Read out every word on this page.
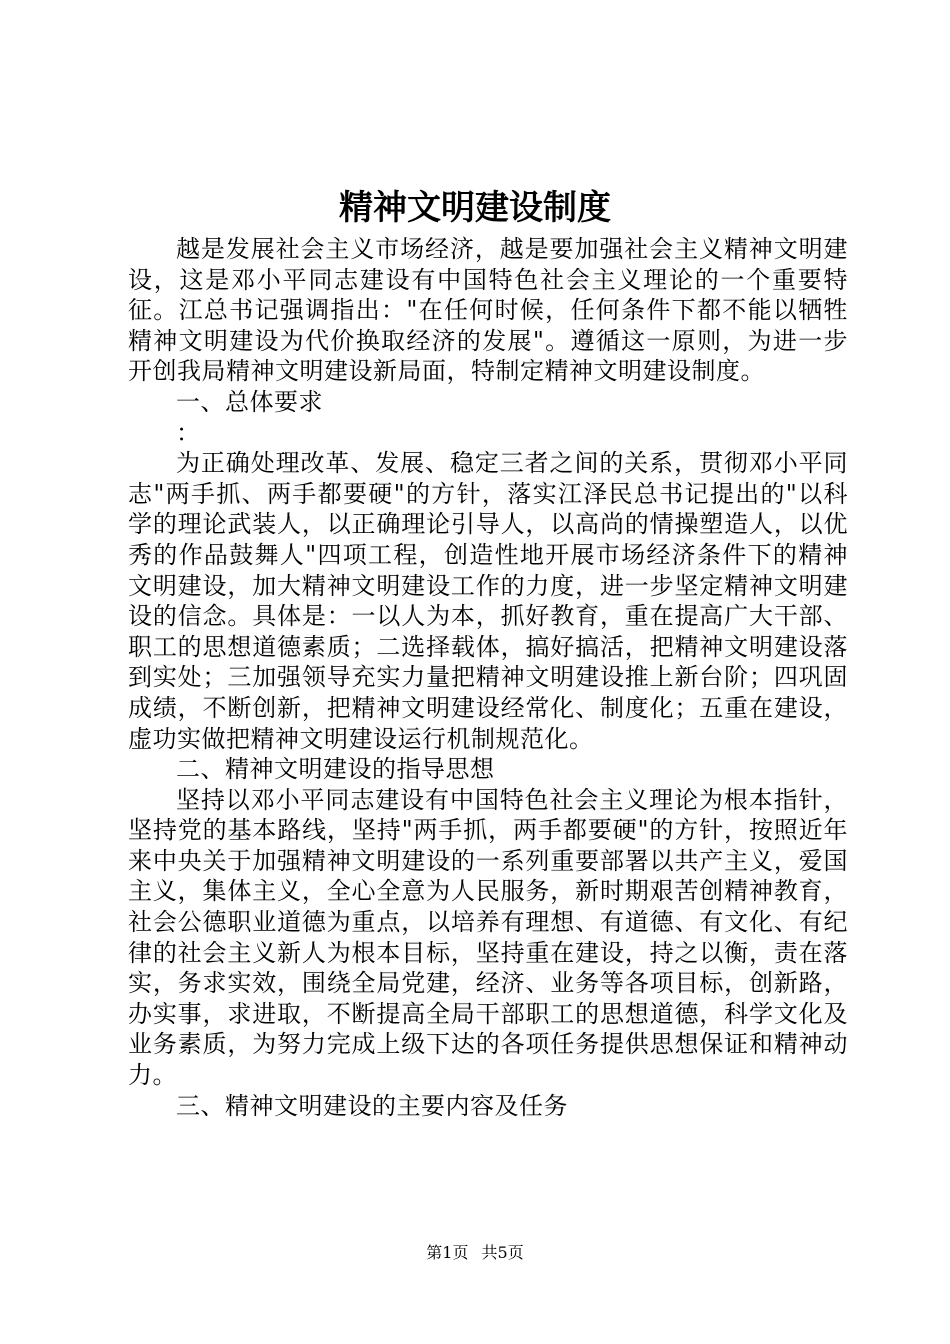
精神文明建设制度

越是发展社会主义市场经济，越是要加强社会主义精神文明建设，这是邓小平同志建设有中国特色社会主义理论的一个重要特征。江总书记强调指出："在任何时候，任何条件下都不能以牺牲精神文明建设为代价换取经济的发展"。遵循这一原则，为进一步开创我局精神文明建设新局面，特制定精神文明建设制度。

一、总体要求

：

为正确处理改革、发展、稳定三者之间的关系，贯彻邓小平同志"两手抓、两手都要硬"的方针，落实江泽民总书记提出的"以科学的理论武装人，以正确理论引导人，以高尚的情操塑造人，以优秀的作品鼓舞人"四项工程，创造性地开展市场经济条件下的精神文明建设，加大精神文明建设工作的力度，进一步坚定精神文明建设的信念。具体是：一以人为本，抓好教育，重在提高广大干部、职工的思想道德素质；二选择载体，搞好搞活，把精神文明建设落到实处；三加强领导充实力量把精神文明建设推上新台阶；四巩固成绩，不断创新，把精神文明建设经常化、制度化；五重在建设，虚功实做把精神文明建设运行机制规范化。

二、精神文明建设的指导思想

坚持以邓小平同志建设有中国特色社会主义理论为根本指针，坚持党的基本路线，坚持"两手抓，两手都要硬"的方针，按照近年来中央关于加强精神文明建设的一系列重要部署以共产主义，爱国主义，集体主义，全心全意为人民服务，新时期艰苦创精神教育，社会公德职业道德为重点，以培养有理想、有道德、有文化、有纪律的社会主义新人为根本目标，坚持重在建设，持之以衡，责在落实，务求实效，围绕全局党建，经济、业务等各项目标，创新路，办实事，求进取，不断提高全局干部职工的思想道德，科学文化及业务素质，为努力完成上级下达的各项任务提供思想保证和精神动力。

三、精神文明建设的主要内容及任务

第1页 共5页
